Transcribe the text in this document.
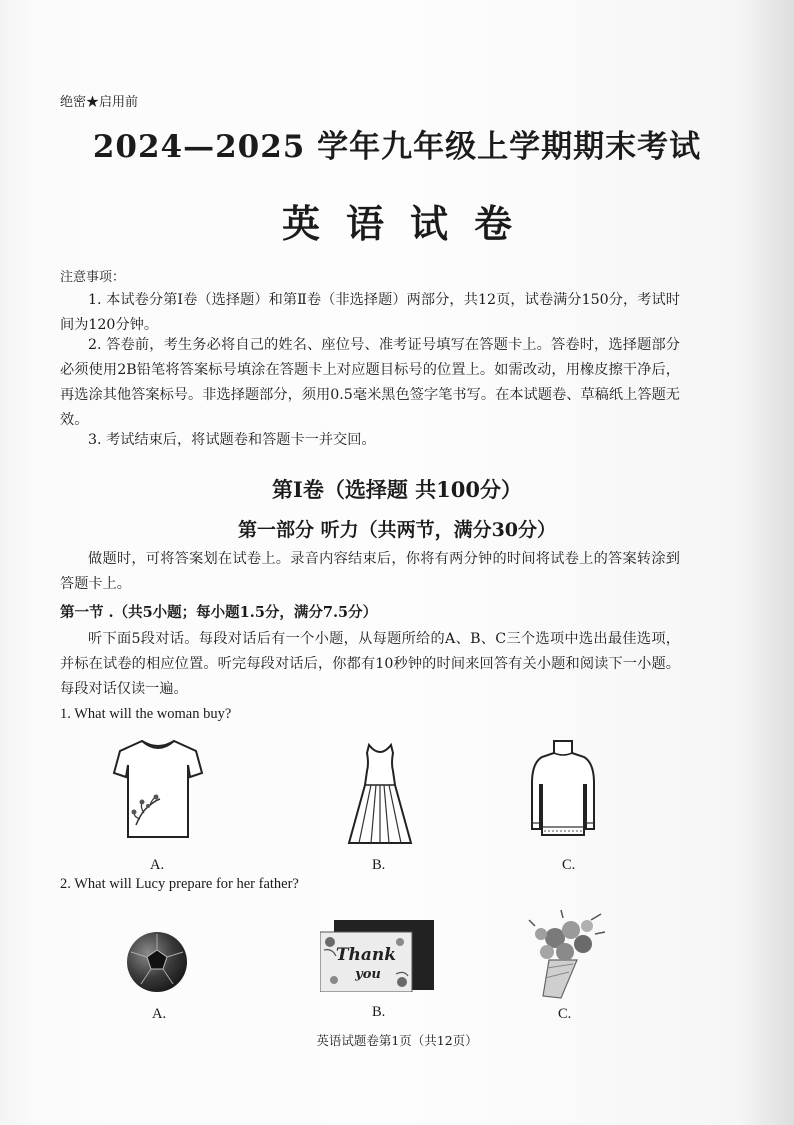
绝密★启用前
2024—2025 学年九年级上学期期末考试
英语试卷
注意事项：
1. 本试卷分第Ⅰ卷（选择题）和第Ⅱ卷（非选择题）两部分，共12页，试卷满分150分，考试时间为120分钟。
2. 答卷前，考生务必将自己的姓名、座位号、准考证号填写在答题卡上。答卷时，选择题部分必须使用2B铅笔将答案标号填涂在答题卡上对应题目标号的位置上。如需改动，用橡皮擦干净后，再选涂其他答案标号。非选择题部分，须用0.5毫米黑色签字笔书写。在本试题卷、草稿纸上答题无效。
3. 考试结束后，将试题卷和答题卡一并交回。
第Ⅰ卷（选择题 共100分）
第一部分 听力（共两节，满分30分）
做题时，可将答案划在试卷上。录音内容结束后，你将有两分钟的时间将试卷上的答案转涂到答题卡上。
第一节 .（共5小题；每小题1.5分，满分7.5分）
听下面5段对话。每段对话后有一个小题，从每题所给的A、B、C三个选项中选出最佳选项，并标在试卷的相应位置。听完每段对话后，你都有10秒钟的时间来回答有关小题和阅读下一小题。每段对话仅读一遍。
1. What will the woman buy?
A.	B.	C.
2. What will Lucy prepare for her father?
Thank
you
A.	B.	C.
英语试题卷第1页（共12页）
